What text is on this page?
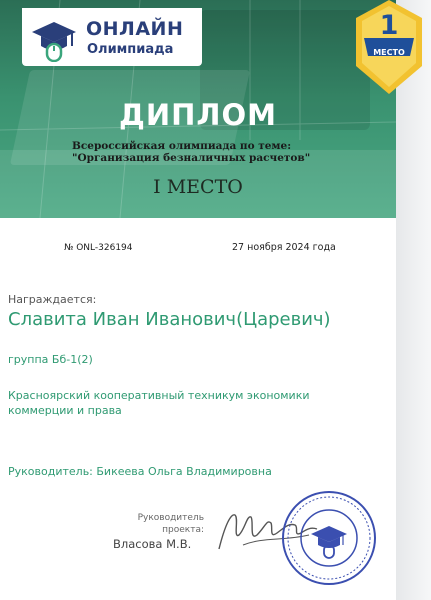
ОНЛАЙН
Олимпиада
ДИПЛОМ
Всероссийская олимпиада по теме: "Организация безналичных расчетов"
I МЕСТО
1
МЕСТО
№ ONL-326194	27 ноября 2024 года
Награждается:
Славита Иван Иванович(Царевич)
группа Бб-1(2)
Красноярский кооперативный техникум экономики коммерции и права
Руководитель: Бикеева Ольга Владимировна
Руководитель
проекта:
Власова М.В.
